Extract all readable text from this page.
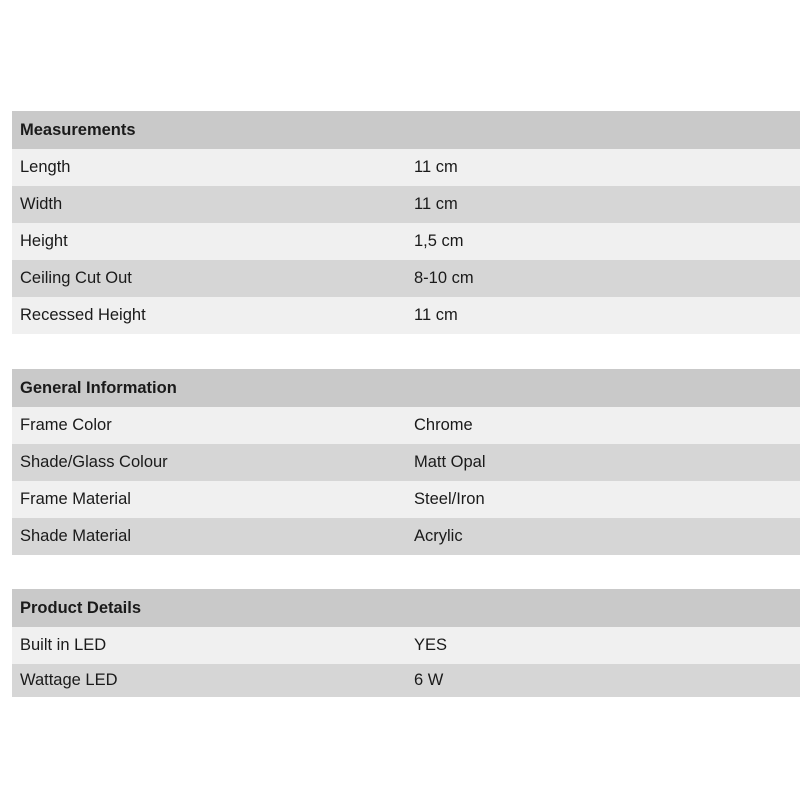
Measurements	
Length	11 cm
Width	11 cm
Height	1,5 cm
Ceiling Cut Out	8-10 cm
Recessed Height	11 cm
General Information	
Frame Color	Chrome
Shade/Glass Colour	Matt Opal
Frame Material	Steel/Iron
Shade Material	Acrylic
Product Details	
Built in LED	YES
Wattage LED	6 W
